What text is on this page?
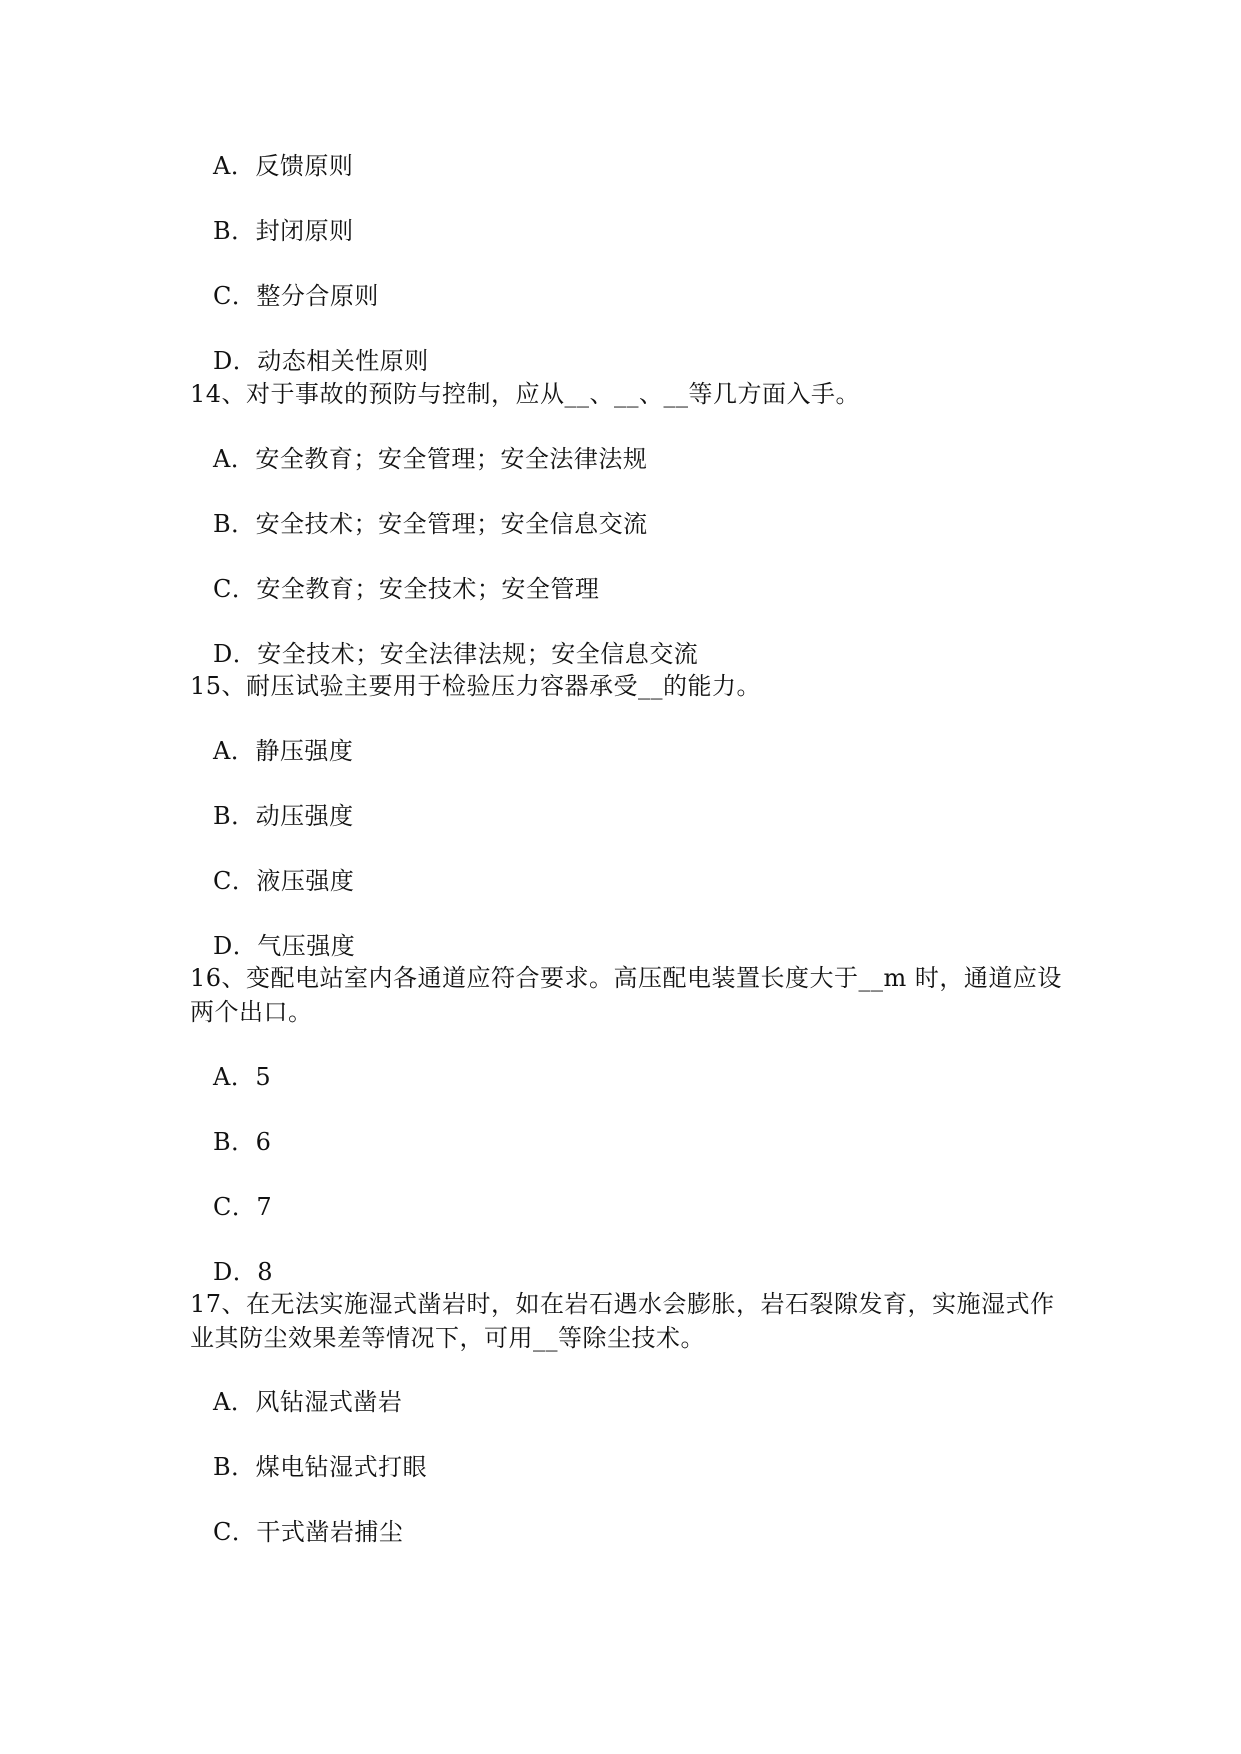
A．反馈原则
B．封闭原则
C．整分合原则
D．动态相关性原则
14、对于事故的预防与控制，应从__、__、__等几方面入手。
A．安全教育；安全管理；安全法律法规
B．安全技术；安全管理；安全信息交流
C．安全教育；安全技术；安全管理
D．安全技术；安全法律法规；安全信息交流
15、耐压试验主要用于检验压力容器承受__的能力。
A．静压强度
B．动压强度
C．液压强度
D．气压强度
16、变配电站室内各通道应符合要求。高压配电装置长度大于__m 时，通道应设
两个出口。
A．5
B．6
C．7
D．8
17、在无法实施湿式凿岩时，如在岩石遇水会膨胀，岩石裂隙发育，实施湿式作
业其防尘效果差等情况下，可用__等除尘技术。
A．风钻湿式凿岩
B．煤电钻湿式打眼
C．干式凿岩捕尘
